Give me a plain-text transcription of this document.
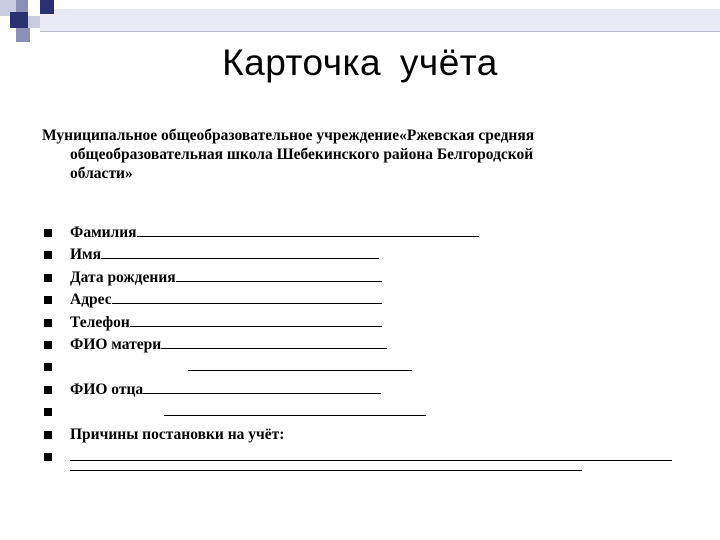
Карточка учёта
Муниципальное общеобразовательное учреждение«Ржевская средняя
общеобразовательная школа Шебекинского района Белгородской
области»
Фамилия
Имя
Дата рождения
Адрес
Телефон
ФИО матери
ФИО отца
Причины постановки на учёт:
